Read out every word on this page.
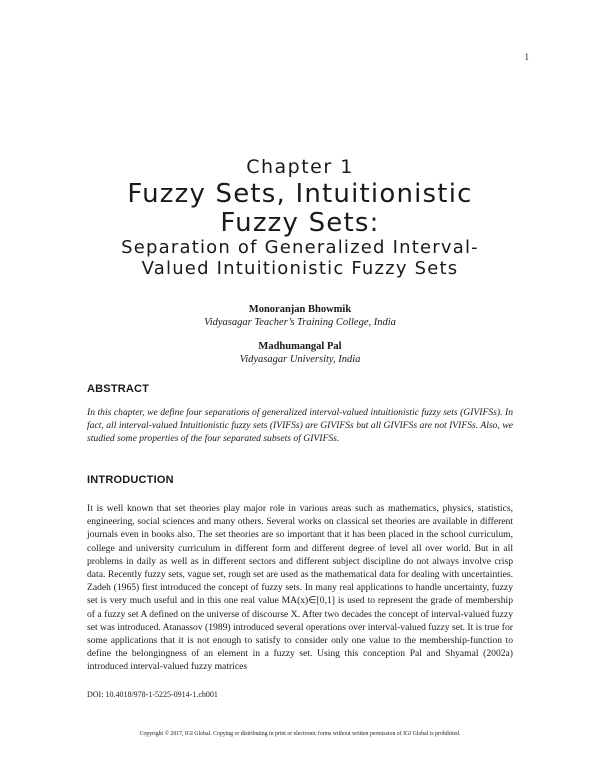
1
Chapter 1
Fuzzy Sets, Intuitionistic
Fuzzy Sets:
Separation of Generalized Interval-
Valued Intuitionistic Fuzzy Sets
Monoranjan Bhowmik
Vidyasagar Teacher’s Training College, India
Madhumangal Pal
Vidyasagar University, India
ABSTRACT

In this chapter, we define four separations of generalized interval-valued intuitionistic fuzzy sets (GIVIFSs). In fact, all interval-valued Intuitionistic fuzzy sets (IVIFSs) are GIVIFSs but all GIVIFSs are not IVIFSs. Also, we studied some properties of the four separated subsets of GIVIFSs.

INTRODUCTION

It is well known that set theories play major role in various areas such as mathematics, physics, statistics, engineering, social sciences and many others. Several works on classical set theories are available in different journals even in books also. The set theories are so important that it has been placed in the school curriculum, college and university curriculum in different form and different degree of level all over world. But in all problems in daily as well as in different sectors and different subject discipline do not always involve crisp data. Recently fuzzy sets, vague set, rough set are used as the mathematical data for dealing with uncertainties. Zadeh (1965) first introduced the concept of fuzzy sets. In many real applications to handle uncertainty, fuzzy set is very much useful and in this one real value MA(x)∈[0,1] is used to represent the grade of membership of a fuzzy set A defined on the universe of discourse X. After two decades the concept of interval-valued fuzzy set was introduced. Atanassov (1989) introduced several operations over interval-valued fuzzy set. It is true for some applications that it is not enough to satisfy to consider only one value to the membership-function to define the belongingness of an element in a fuzzy set. Using this conception Pal and Shyamal (2002a) introduced interval-valued fuzzy matrices

DOI: 10.4018/978-1-5225-0914-1.ch001
Copyright © 2017, IGI Global. Copying or distributing in print or electronic forms without written permission of IGI Global is prohibited.
